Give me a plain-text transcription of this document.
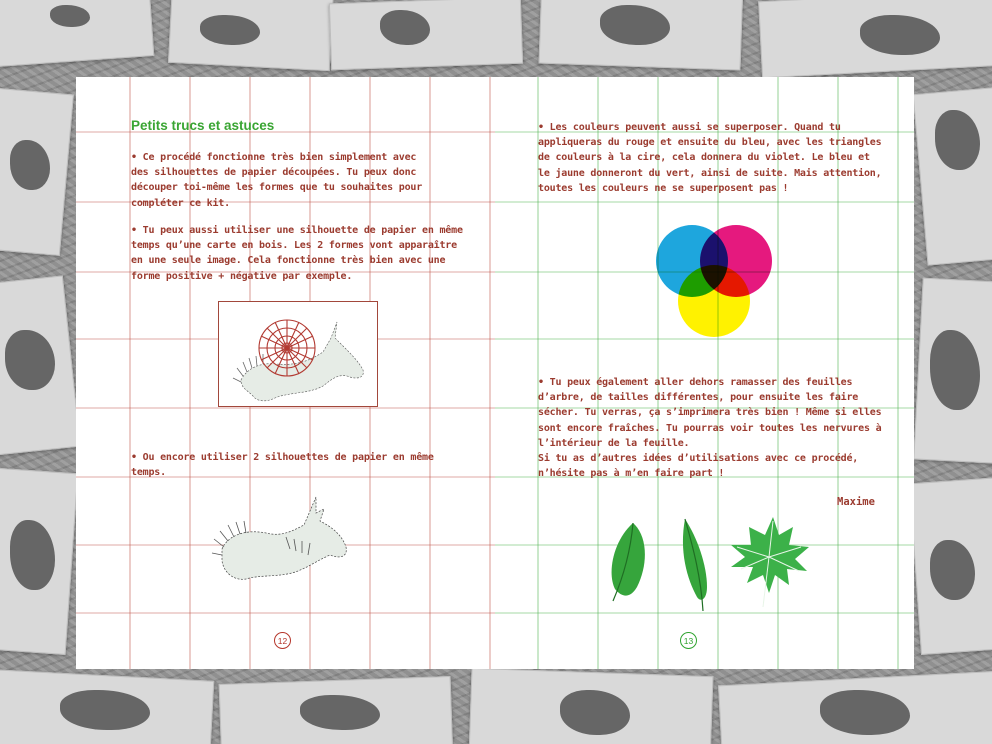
Petits trucs et astuces
• Ce procédé fonctionne très bien simplement avec des silhouettes de papier découpées. Tu peux donc découper toi-même les formes que tu souhaites pour compléter ce kit.
• Tu peux aussi utiliser une silhouette de papier en même temps qu’une carte en bois. Les 2 formes vont apparaître en une seule image. Cela fonctionne très bien avec une forme positive + négative par exemple.
• Ou encore utiliser 2 silhouettes de papier en même temps.
12
• Les couleurs peuvent aussi se superposer. Quand tu appliqueras du rouge et ensuite du bleu, avec les triangles de couleurs à la cire, cela donnera du violet. Le bleu et le jaune donneront du vert, ainsi de suite. Mais attention, toutes les couleurs ne se superposent pas !
• Tu peux également aller dehors ramasser des feuilles d’arbre, de tailles différentes, pour ensuite les faire sécher. Tu verras, ça s’imprimera très bien ! Même si elles sont encore fraîches. Tu pourras voir toutes les nervures à l’intérieur de la feuille.
Si tu as d’autres idées d’utilisations avec ce procédé, n’hésite pas à m’en faire part !
Maxime
13
